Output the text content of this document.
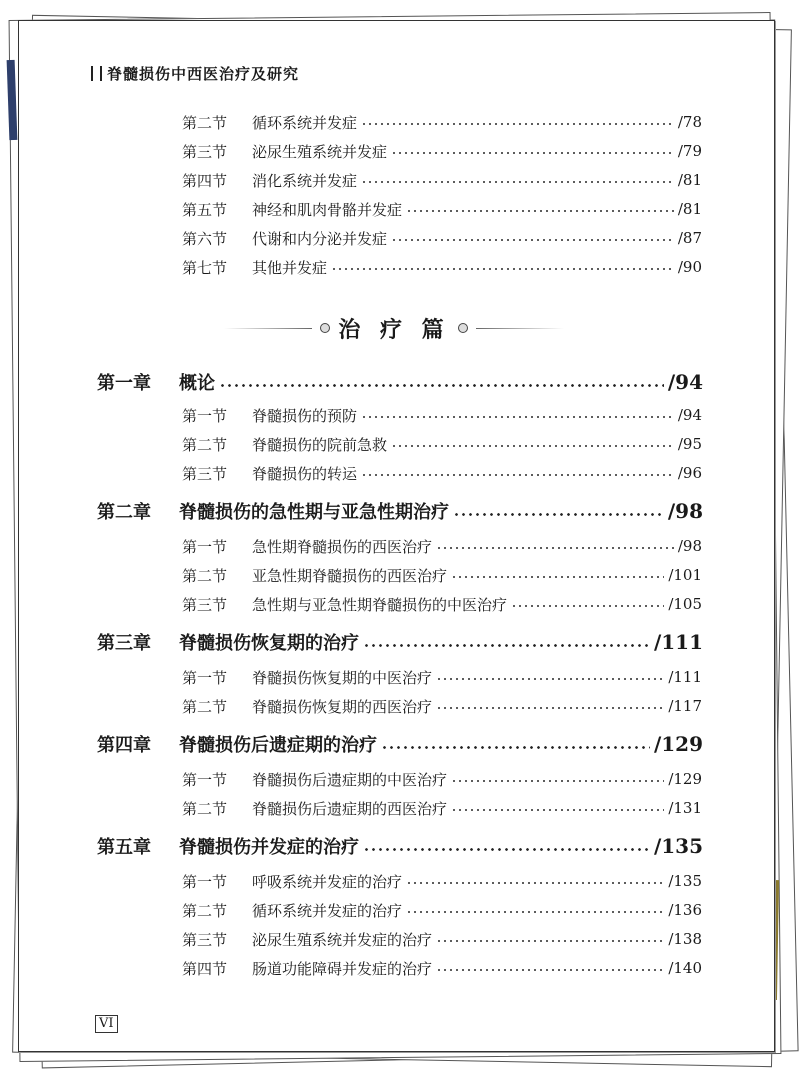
脊髓损伤中西医治疗及研究
第二节	循环系统并发症	/78
第三节	泌尿生殖系统并发症	/79
第四节	消化系统并发症	/81
第五节	神经和肌肉骨骼并发症	/81
第六节	代谢和内分泌并发症	/87
第七节	其他并发症	/90
治 疗 篇
第一章	概论	/94
第一节	脊髓损伤的预防	/94
第二节	脊髓损伤的院前急救	/95
第三节	脊髓损伤的转运	/96
第二章	脊髓损伤的急性期与亚急性期治疗	/98
第一节	急性期脊髓损伤的西医治疗	/98
第二节	亚急性期脊髓损伤的西医治疗	/101
第三节	急性期与亚急性期脊髓损伤的中医治疗	/105
第三章	脊髓损伤恢复期的治疗	/111
第一节	脊髓损伤恢复期的中医治疗	/111
第二节	脊髓损伤恢复期的西医治疗	/117
第四章	脊髓损伤后遗症期的治疗	/129
第一节	脊髓损伤后遗症期的中医治疗	/129
第二节	脊髓损伤后遗症期的西医治疗	/131
第五章	脊髓损伤并发症的治疗	/135
第一节	呼吸系统并发症的治疗	/135
第二节	循环系统并发症的治疗	/136
第三节	泌尿生殖系统并发症的治疗	/138
第四节	肠道功能障碍并发症的治疗	/140
VI
